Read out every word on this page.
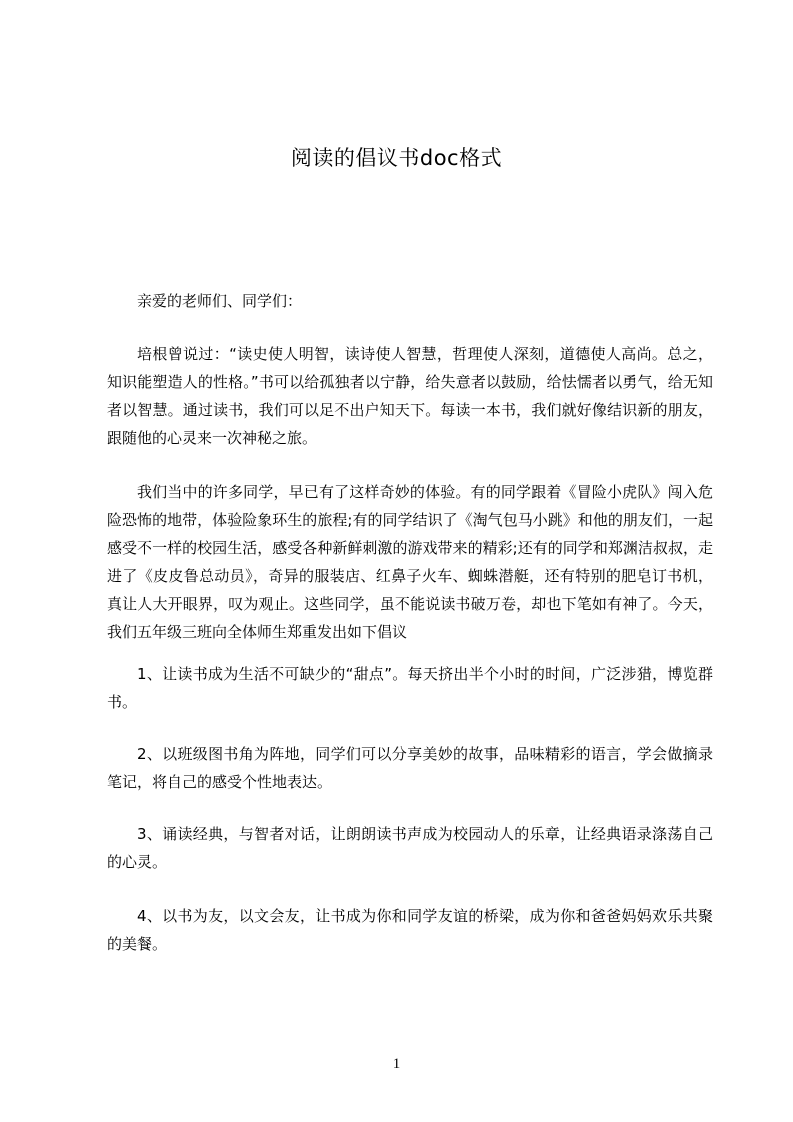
阅读的倡议书doc格式

亲爱的老师们、同学们：

培根曾说过：“读史使人明智，读诗使人智慧，哲理使人深刻，道德使人高尚。总之，知识能塑造人的性格。”书可以给孤独者以宁静，给失意者以鼓励，给怯懦者以勇气，给无知者以智慧。通过读书，我们可以足不出户知天下。每读一本书，我们就好像结识新的朋友，跟随他的心灵来一次神秘之旅。

我们当中的许多同学，早已有了这样奇妙的体验。有的同学跟着《冒险小虎队》闯入危险恐怖的地带，体验险象环生的旅程;有的同学结识了《淘气包马小跳》和他的朋友们，一起感受不一样的校园生活，感受各种新鲜刺激的游戏带来的精彩;还有的同学和郑渊洁叔叔，走进了《皮皮鲁总动员》，奇异的服装店、红鼻子火车、蜘蛛潜艇，还有特别的肥皂订书机，真让人大开眼界，叹为观止。这些同学，虽不能说读书破万卷，却也下笔如有神了。今天，我们五年级三班向全体师生郑重发出如下倡议

1、让读书成为生活不可缺少的“甜点”。每天挤出半个小时的时间，广泛涉猎，博览群书。

2、以班级图书角为阵地，同学们可以分享美妙的故事，品味精彩的语言，学会做摘录笔记，将自己的感受个性地表达。

3、诵读经典，与智者对话，让朗朗读书声成为校园动人的乐章，让经典语录涤荡自己的心灵。

4、以书为友，以文会友，让书成为你和同学友谊的桥梁，成为你和爸爸妈妈欢乐共聚的美餐。

1
